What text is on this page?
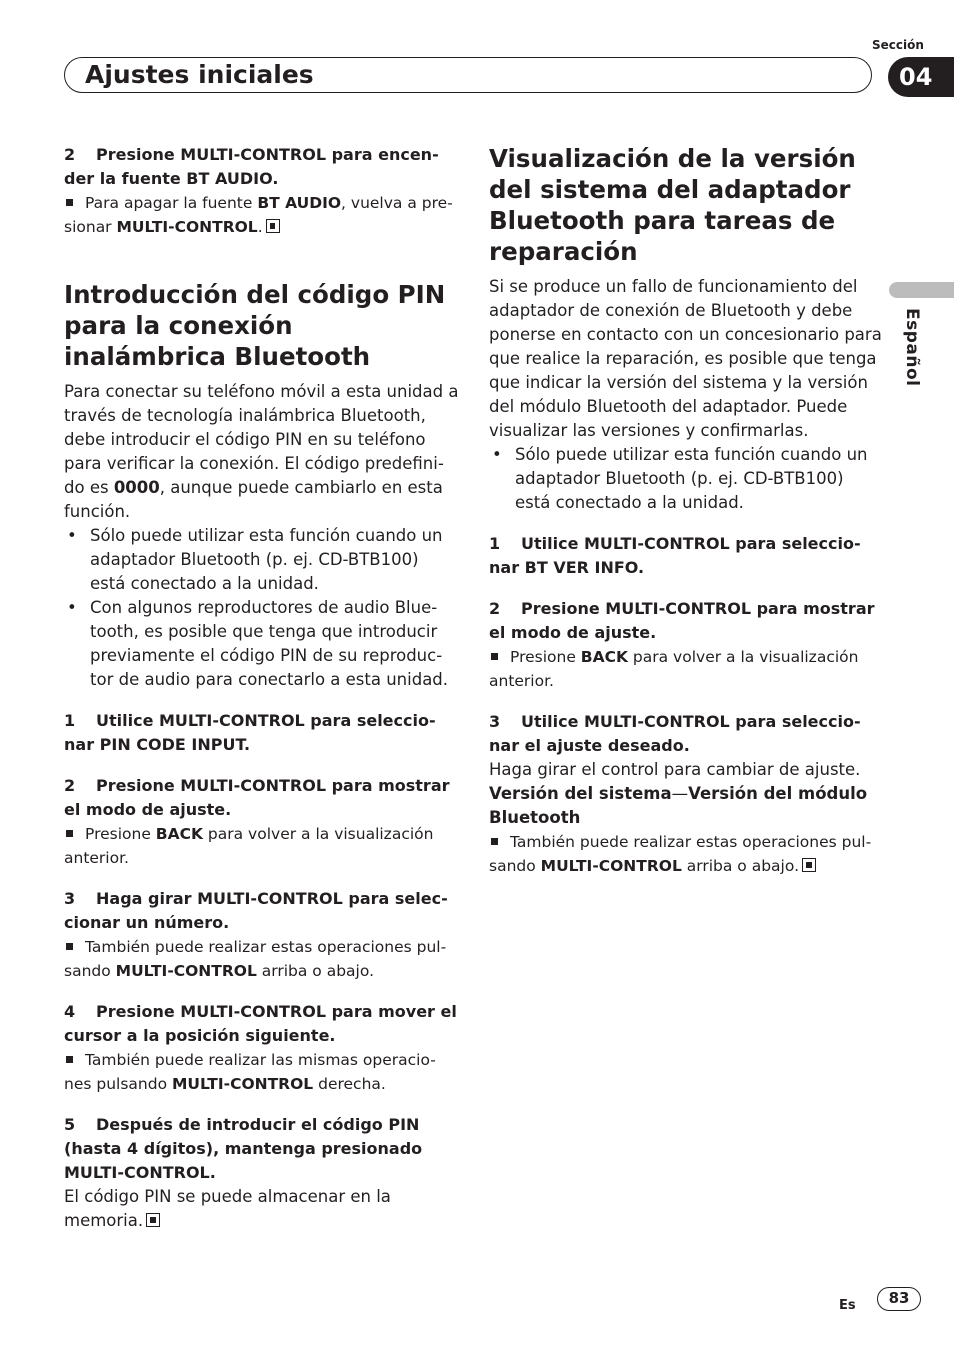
Sección
Ajustes iniciales	04
Español

2 Presione MULTI-CONTROL para encen-der la fuente BT AUDIO.

Para apagar la fuente BT AUDIO, vuelva a pre-sionar MULTI-CONTROL.

Introducción del código PIN para la conexión inalámbrica Bluetooth

Para conectar su teléfono móvil a esta unidad a través de tecnología inalámbrica Bluetooth, debe introducir el código PIN en su teléfono para verificar la conexión. El código predefini-do es 0000, aunque puede cambiarlo en esta función.

• Sólo puede utilizar esta función cuando un adaptador Bluetooth (p. ej. CD-BTB100) está conectado a la unidad.

• Con algunos reproductores de audio Blue-tooth, es posible que tenga que introducir previamente el código PIN de su reproduc-tor de audio para conectarlo a esta unidad.

1 Utilice MULTI-CONTROL para seleccio-nar PIN CODE INPUT.

2 Presione MULTI-CONTROL para mostrar el modo de ajuste.

Presione BACK para volver a la visualización anterior.

3 Haga girar MULTI-CONTROL para selec-cionar un número.

También puede realizar estas operaciones pul-sando MULTI-CONTROL arriba o abajo.

4 Presione MULTI-CONTROL para mover el cursor a la posición siguiente.

También puede realizar las mismas operacio-nes pulsando MULTI-CONTROL derecha.

5 Después de introducir el código PIN (hasta 4 dígitos), mantenga presionado MULTI-CONTROL.

El código PIN se puede almacenar en la memoria.

Visualización de la versión del sistema del adaptador Bluetooth para tareas de reparación

Si se produce un fallo de funcionamiento del adaptador de conexión de Bluetooth y debe ponerse en contacto con un concesionario para que realice la reparación, es posible que tenga que indicar la versión del sistema y la versión del módulo Bluetooth del adaptador. Puede visualizar las versiones y confirmarlas.

• Sólo puede utilizar esta función cuando un adaptador Bluetooth (p. ej. CD-BTB100) está conectado a la unidad.

1 Utilice MULTI-CONTROL para seleccio-nar BT VER INFO.

2 Presione MULTI-CONTROL para mostrar el modo de ajuste.

Presione BACK para volver a la visualización anterior.

3 Utilice MULTI-CONTROL para seleccio-nar el ajuste deseado.

Haga girar el control para cambiar de ajuste.

Versión del sistema—Versión del módulo Bluetooth

También puede realizar estas operaciones pul-sando MULTI-CONTROL arriba o abajo.

Es	83
